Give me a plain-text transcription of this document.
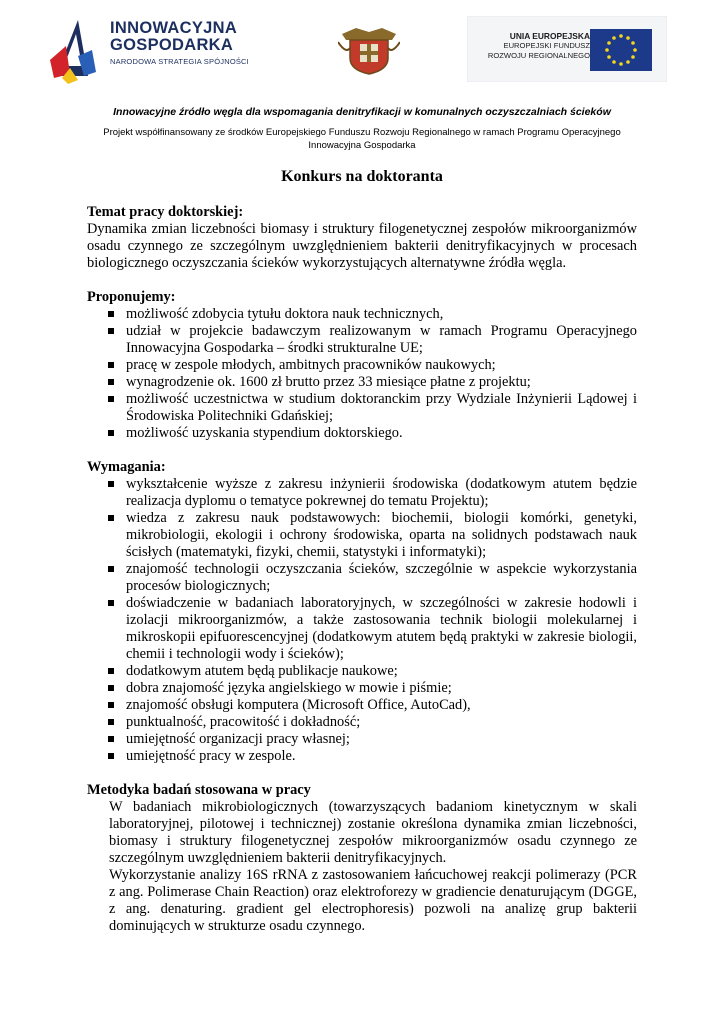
INNOWACYJNA
GOSPODARKA
NARODOWA STRATEGIA SPÓJNOŚCI
UNIA EUROPEJSKA
EUROPEJSKI FUNDUSZ
ROZWOJU REGIONALNEGO
Innowacyjne źródło węgla dla wspomagania denitryfikacji w komunalnych oczyszczalniach ścieków
Projekt współfinansowany ze środków Europejskiego Funduszu Rozwoju Regionalnego w ramach Programu Operacyjnego
Innowacyjna Gospodarka
Konkurs na doktoranta
Temat pracy doktorskiej:

Dynamika zmian liczebności biomasy i struktury filogenetycznej zespołów mikroorganizmów osadu czynnego ze szczególnym uwzględnieniem bakterii denitryfikacyjnych w procesach biologicznego oczyszczania ścieków wykorzystujących alternatywne źródła węgla.

Proponujemy:
możliwość zdobycia tytułu doktora nauk technicznych,
udział w projekcie badawczym realizowanym w ramach Programu Operacyjnego Innowacyjna Gospodarka – środki strukturalne UE;
pracę w zespole młodych, ambitnych pracowników naukowych;
wynagrodzenie ok. 1600 zł brutto przez 33 miesiące płatne z projektu;
możliwość uczestnictwa w studium doktoranckim przy Wydziale Inżynierii Lądowej i Środowiska Politechniki Gdańskiej;
możliwość uzyskania stypendium doktorskiego.
Wymagania:
wykształcenie wyższe z zakresu inżynierii środowiska (dodatkowym atutem będzie realizacja dyplomu o tematyce pokrewnej do tematu Projektu);
wiedza z zakresu nauk podstawowych: biochemii, biologii komórki, genetyki, mikrobiologii, ekologii i ochrony środowiska, oparta na solidnych podstawach nauk ścisłych (matematyki, fizyki, chemii, statystyki i informatyki);
znajomość technologii oczyszczania ścieków, szczególnie w aspekcie wykorzystania procesów biologicznych;
doświadczenie w badaniach laboratoryjnych, w szczególności w zakresie hodowli i izolacji mikroorganizmów, a także zastosowania technik biologii molekularnej i mikroskopii epifuorescencyjnej (dodatkowym atutem będą praktyki w zakresie biologii, chemii i technologii wody i ścieków);
dodatkowym atutem będą publikacje naukowe;
dobra znajomość języka angielskiego w mowie i piśmie;
znajomość obsługi komputera (Microsoft Office, AutoCad),
punktualność, pracowitość i dokładność;
umiejętność organizacji pracy własnej;
umiejętność pracy w zespole.
Metodyka badań stosowana w pracy

W badaniach mikrobiologicznych (towarzyszących badaniom kinetycznym w skali laboratoryjnej, pilotowej i technicznej) zostanie określona dynamika zmian liczebności, biomasy i struktury filogenetycznej zespołów mikroorganizmów osadu czynnego ze szczególnym uwzględnieniem bakterii denitryfikacyjnych.

Wykorzystanie analizy 16S rRNA z zastosowaniem łańcuchowej reakcji polimerazy (PCR z ang. Polimerase Chain Reaction) oraz elektroforezy w gradiencie denaturującym (DGGE, z ang. denaturing. gradient gel electrophoresis) pozwoli na analizę grup bakterii dominujących w strukturze osadu czynnego.
